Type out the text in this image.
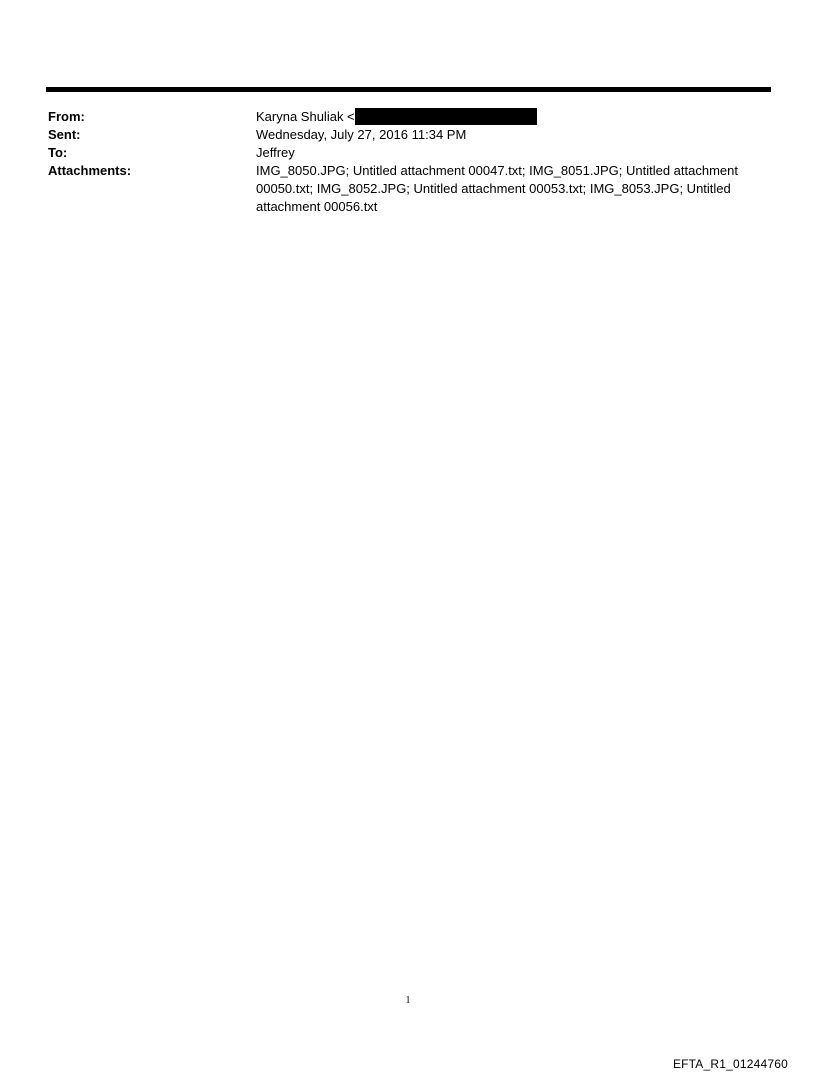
From:	Karyna Shuliak <
Sent:	Wednesday, July 27, 2016 11:34 PM
To:	Jeffrey
Attachments:	IMG_8050.JPG; Untitled attachment 00047.txt; IMG_8051.JPG; Untitled attachment 00050.txt; IMG_8052.JPG; Untitled attachment 00053.txt; IMG_8053.JPG; Untitled attachment 00056.txt
1
EFTA_R1_01244760
